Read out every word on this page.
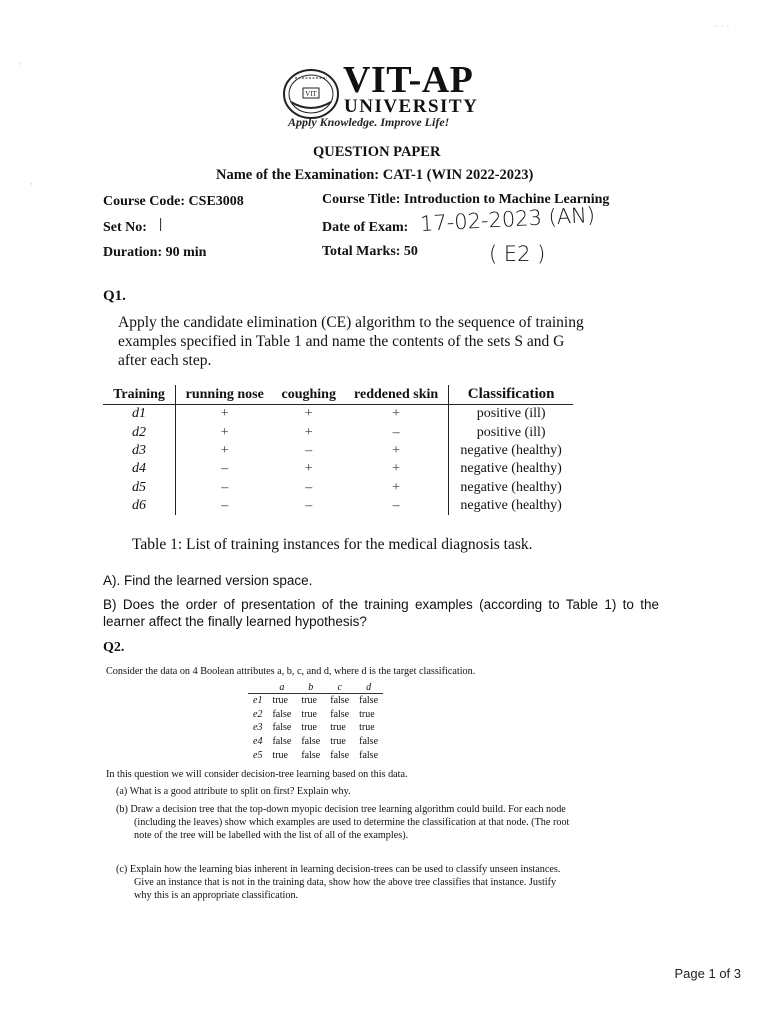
·
·
· · ·
VIT VIT-AP
UNIVERSITY
Apply Knowledge. Improve Life!
QUESTION PAPER
Name of the Examination: CAT-1 (WIN 2022-2023)
Course Code: CSE3008	Course Title: Introduction to Machine Learning
Set No: I	Date of Exam: 17-02-2023 (AN)
Duration: 90 min	Total Marks: 50	( E2 )
Q1.
Apply the candidate elimination (CE) algorithm to the sequence of training examples specified in Table 1 and name the contents of the sets S and G after each step.
Training	running nose	coughing	reddened skin	Classification
d1	+	+	+	positive (ill)
d2	+	+	–	positive (ill)
d3	+	–	+	negative (healthy)
d4	–	+	+	negative (healthy)
d5	–	–	+	negative (healthy)
d6	–	–	–	negative (healthy)
Table 1: List of training instances for the medical diagnosis task.
A). Find the learned version space.
B) Does the order of presentation of the training examples (according to Table 1) to the learner affect the finally learned hypothesis?
Q2.
Consider the data on 4 Boolean attributes a, b, c, and d, where d is the target classification.
	a	b	c	d
e1	true	true	false	false
e2	false	true	false	true
e3	false	true	true	true
e4	false	false	true	false
e5	true	false	false	false
In this question we will consider decision-tree learning based on this data.
(a) What is a good attribute to split on first? Explain why.
(b) Draw a decision tree that the top-down myopic decision tree learning algorithm could build. For each node (including the leaves) show which examples are used to determine the classification at that node. (The root note of the tree will be labelled with the list of all of the examples).
(c) Explain how the learning bias inherent in learning decision-trees can be used to classify unseen instances. Give an instance that is not in the training data, show how the above tree classifies that instance. Justify why this is an appropriate classification.
Page 1 of 3
